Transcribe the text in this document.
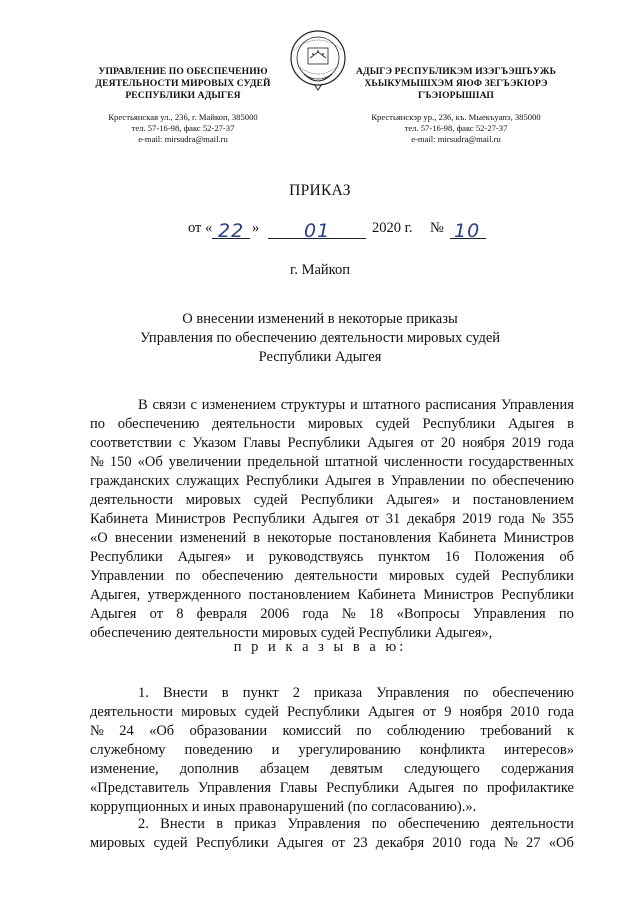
УПРАВЛЕНИЕ ПО ОБЕСПЕЧЕНИЮ
ДЕЯТЕЛЬНОСТИ МИРОВЫХ СУДЕЙ
РЕСПУБЛИКИ АДЫГЕЯ
Крестьянская ул., 236, г. Майкоп, 385000
тел. 57-16-98, факс 52-27-37
e-mail: mirsudra@mail.ru
АДЫГЭ РЕСПУБЛИКЭМ ИЗЭГЪЭШЪУЖЬ
ХЬЫКУМЫШХЭМ ЯЮФ ЗЕГЪЭКІОРЭ
ГЪЭІОРЫШІАП
Крестьянскэр ур., 236, къ. Мыекъуапэ, 385000
тел. 57-16-98, факс 52-27-37
e-mail: mirsudra@mail.ru
ПРИКАЗ
от « 22 » 01	2020 г. № 10
г. Майкоп
О внесении изменений в некоторые приказы
Управления по обеспечению деятельности мировых судей
Республики Адыгея
В связи с изменением структуры и штатного расписания Управления
по обеспечению деятельности мировых судей Республики Адыгея в
соответствии с Указом Главы Республики Адыгея от 20 ноября 2019 года
№ 150 «Об увеличении предельной штатной численности государственных
гражданских служащих Республики Адыгея в Управлении по обеспечению
деятельности мировых судей Республики Адыгея» и постановлением
Кабинета Министров Республики Адыгея от 31 декабря 2019 года № 355
«О внесении изменений в некоторые постановления Кабинета Министров
Республики Адыгея» и руководствуясь пунктом 16 Положения об
Управлении по обеспечению деятельности мировых судей Республики
Адыгея, утвержденного постановлением Кабинета Министров Республики
Адыгея от 8 февраля 2006 года № 18 «Вопросы Управления по
обеспечению деятельности мировых судей Республики Адыгея»,
п р и к а з ы в а ю:
1. Внести в пункт 2 приказа Управления по обеспечению
деятельности мировых судей Республики Адыгея от 9 ноября 2010 года
№ 24 «Об образовании комиссий по соблюдению требований к
служебному поведению и урегулированию конфликта интересов»
изменение, дополнив абзацем девятым следующего содержания
«Представитель Управления Главы Республики Адыгея по профилактике
коррупционных и иных правонарушений (по согласованию).».
2. Внести в приказ Управления по обеспечению деятельности
мировых судей Республики Адыгея от 23 декабря 2010 года № 27 «Об
